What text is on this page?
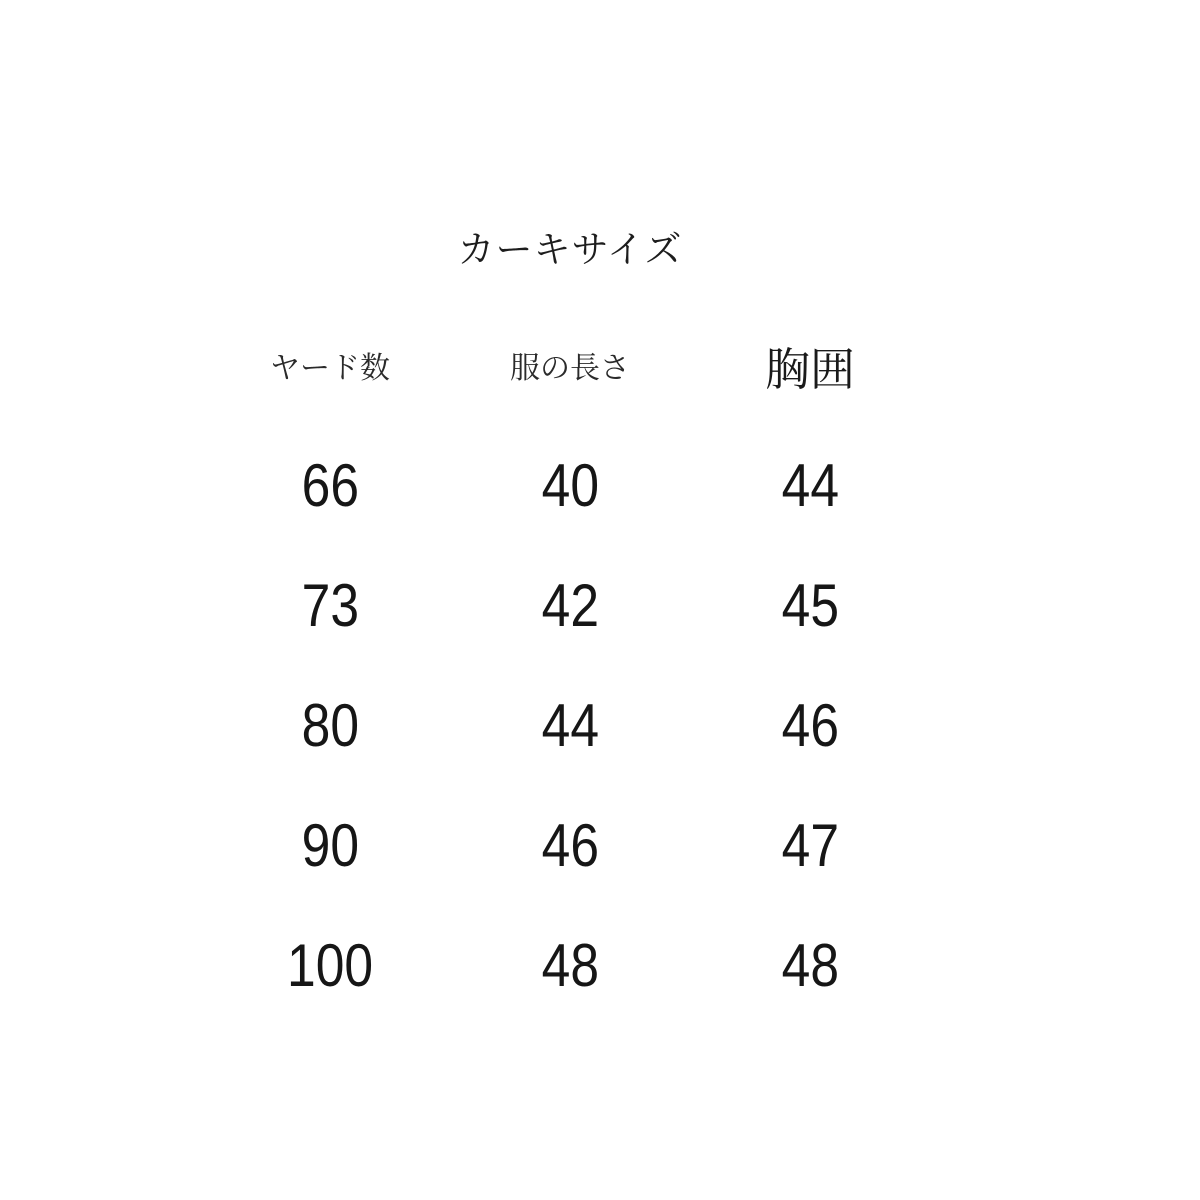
カーキサイズ
ヤード数	服の長さ	胸囲
66	40	44
73	42	45
80	44	46
90	46	47
100	48	48
